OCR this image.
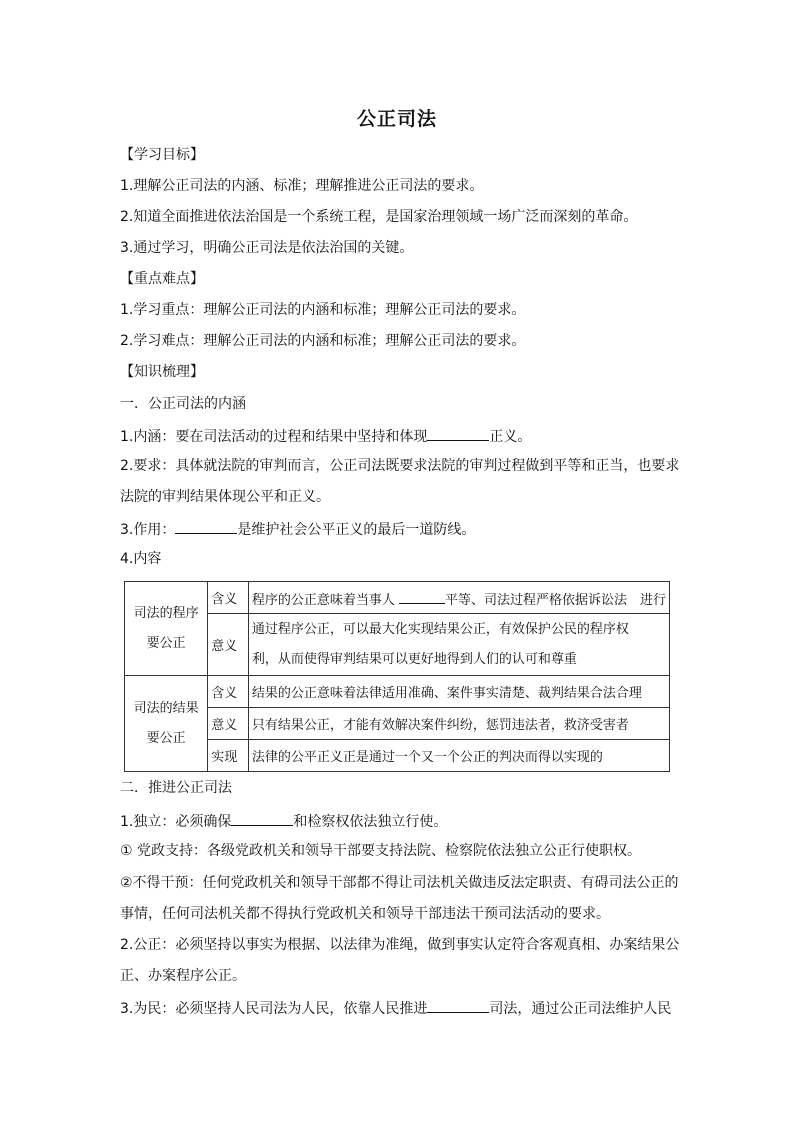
公正司法
【学习目标】
1.理解公正司法的内涵、标准；理解推进公正司法的要求。
2.知道全面推进依法治国是一个系统工程，是国家治理领域一场广泛而深刻的革命。
3.通过学习，明确公正司法是依法治国的关键。
【重点难点】
1.学习重点：理解公正司法的内涵和标准；理解公正司法的要求。
2.学习难点：理解公正司法的内涵和标准；理解公正司法的要求。
【知识梳理】
一．公正司法的内涵
1.内涵：要在司法活动的过程和结果中坚持和体现	正义。
2.要求：具体就法院的审判而言，公正司法既要求法院的审判过程做到平等和正当，也要求
法院的审判结果体现公平和正义。
3.作用：	是维护社会公平正义的最后一道防线。
4.内容
司法的程序要公正	含义	程序的公正意味着当事人 平等、司法过程严格依据诉讼法　进行
	意义	通过程序公正，可以最大化实现结果公正，有效保护公民的程序权　利，从而使得审判结果可以更好地得到人们的认可和尊重
司法的结果要公正	含义	结果的公正意味着法律适用准确、案件事实清楚、裁判结果合法合理
	意义	只有结果公正，才能有效解决案件纠纷，惩罚违法者，救济受害者
	实现	法律的公平正义正是通过一个又一个公正的判决而得以实现的
二．推进公正司法
1.独立：必须确保	和检察权依法独立行使。
① 党政支持：各级党政机关和领导干部要支持法院、检察院依法独立公正行使职权。
②不得干预：任何党政机关和领导干部都不得让司法机关做违反法定职责、有碍司法公正的
事情，任何司法机关都不得执行党政机关和领导干部违法干预司法活动的要求。
2.公正：必须坚持以事实为根据、以法律为准绳，做到事实认定符合客观真相、办案结果公
正、办案程序公正。
3.为民：必须坚持人民司法为人民，依靠人民推进	司法，通过公正司法维护人民
